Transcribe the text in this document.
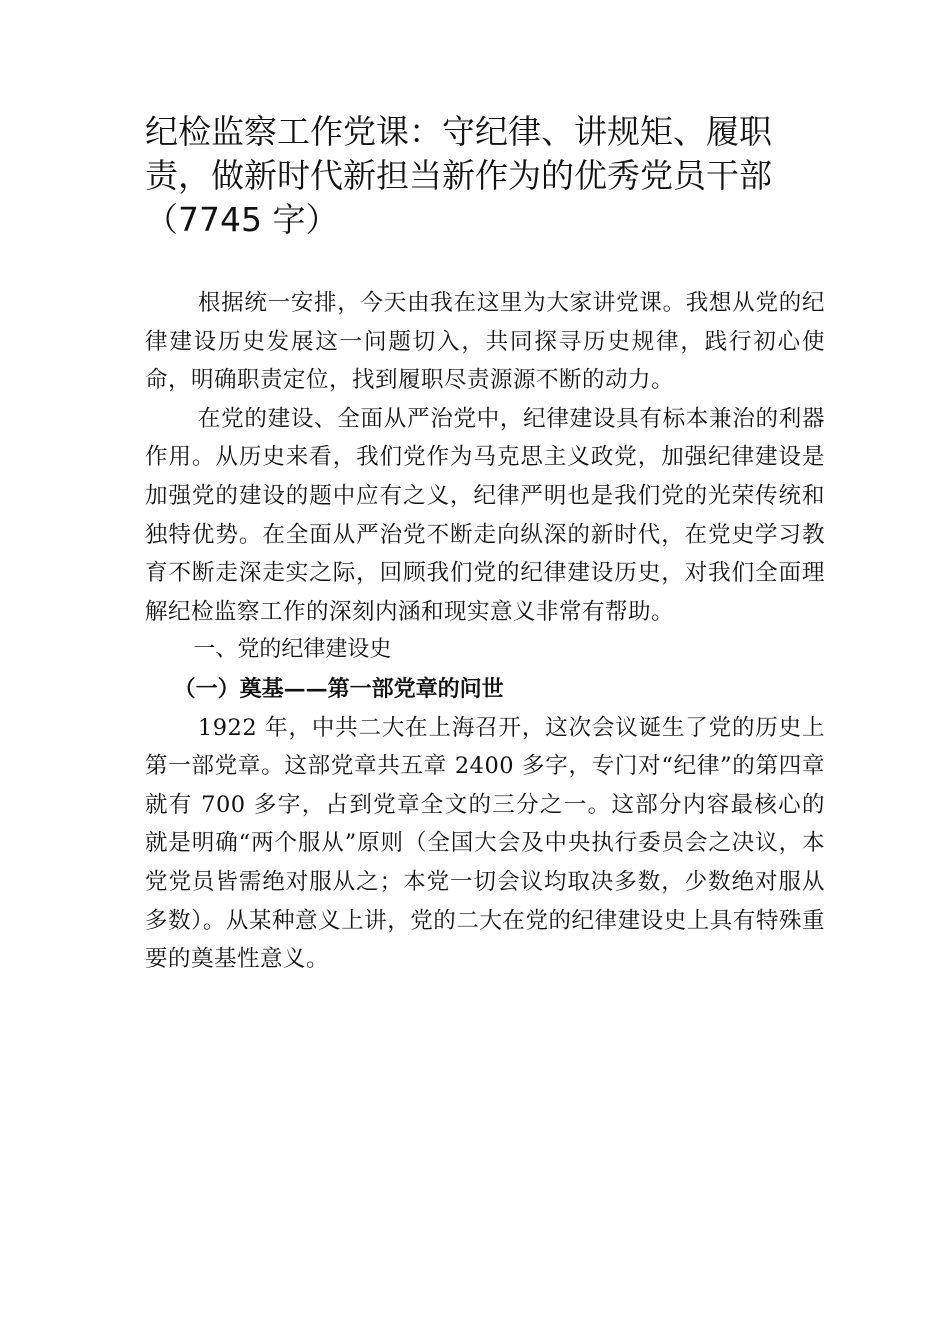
纪检监察工作党课：守纪律、讲规矩、履职责，做新时代新担当新作为的优秀党员干部（7745 字）

根据统一安排，今天由我在这里为大家讲党课。我想从党的纪律建设历史发展这一问题切入，共同探寻历史规律，践行初心使命，明确职责定位，找到履职尽责源源不断的动力。

在党的建设、全面从严治党中，纪律建设具有标本兼治的利器作用。从历史来看，我们党作为马克思主义政党，加强纪律建设是加强党的建设的题中应有之义，纪律严明也是我们党的光荣传统和独特优势。在全面从严治党不断走向纵深的新时代，在党史学习教育不断走深走实之际，回顾我们党的纪律建设历史，对我们全面理解纪检监察工作的深刻内涵和现实意义非常有帮助。

一、党的纪律建设史
（一）奠基——第一部党章的问世

1922 年，中共二大在上海召开，这次会议诞生了党的历史上第一部党章。这部党章共五章 2400 多字，专门对“纪律”的第四章就有 700 多字，占到党章全文的三分之一。这部分内容最核心的就是明确“两个服从”原则（全国大会及中央执行委员会之决议，本党党员皆需绝对服从之；本党一切会议均取决多数，少数绝对服从多数）。从某种意义上讲，党的二大在党的纪律建设史上具有特殊重要的奠基性意义。
